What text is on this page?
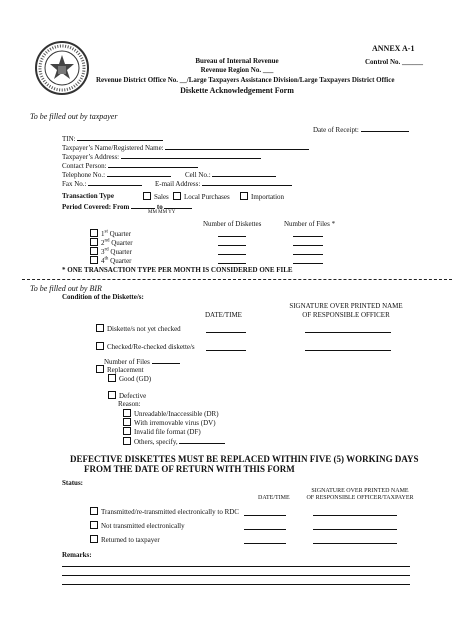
ANNEX A-1
Control No. ______
Bureau of Internal Revenue
Revenue Region No. ___
Revenue District Office No. __/Large Taxpayers Assistance Division/Large Taxpayers District Office
Diskette Acknowledgement Form
To be filled out by taxpayer
Date of Receipt:
TIN:
Taxpayer’s Name/Registered Name:
Taxpayer’s Address:
Contact Person:
Telephone No.:	Cell No.:
Fax No.:	E-mail Address:
Transaction Type	Sales	Local Purchases	Importation
Period Covered: From	to
MM MM YY
Number of Diskettes	Number of Files *
1st Quarter
2nd Quarter
3rd Quarter
4th Quarter
* ONE TRANSACTION TYPE PER MONTH IS CONSIDERED ONE FILE
To be filled out by BIR
Condition of the Diskette/s:
SIGNATURE OVER PRINTED NAME
OF RESPONSIBLE OFFICER
DATE/TIME
Diskette/s not yet checked
Checked/Re-checked diskette/s
Number of Files
Replacement
Good (GD)
Defective
Reason:
Unreadable/Inaccessible (DR)
With irremovable virus (DV)
Invalid file format (DF)
Others, specify,
DEFECTIVE DISKETTES MUST BE REPLACED WITHIN FIVE (5) WORKING DAYS
FROM THE DATE OF RETURN WITH THIS FORM
Status:
SIGNATURE OVER PRINTED NAME
OF RESPONSIBLE OFFICER/TAXPAYER
DATE/TIME
Transmitted/re-transmitted electronically to RDC
Not transmitted electronically
Returned to taxpayer
Remarks:
